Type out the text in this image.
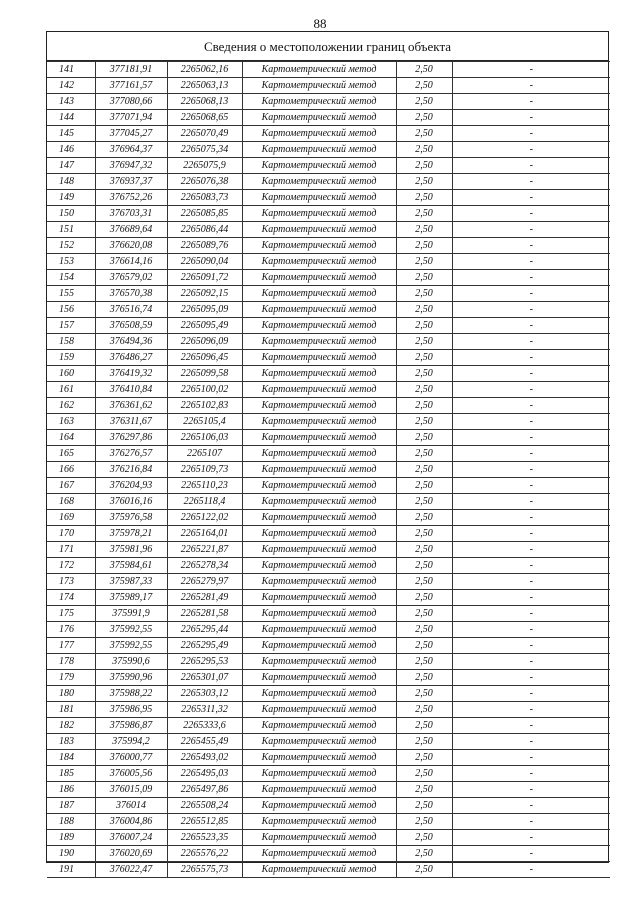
88
Сведения о местоположении границ объекта
141	377181,91	2265062,16	Картометрический метод	2,50	-
142	377161,57	2265063,13	Картометрический метод	2,50	-
143	377080,66	2265068,13	Картометрический метод	2,50	-
144	377071,94	2265068,65	Картометрический метод	2,50	-
145	377045,27	2265070,49	Картометрический метод	2,50	-
146	376964,37	2265075,34	Картометрический метод	2,50	-
147	376947,32	2265075,9	Картометрический метод	2,50	-
148	376937,37	2265076,38	Картометрический метод	2,50	-
149	376752,26	2265083,73	Картометрический метод	2,50	-
150	376703,31	2265085,85	Картометрический метод	2,50	-
151	376689,64	2265086,44	Картометрический метод	2,50	-
152	376620,08	2265089,76	Картометрический метод	2,50	-
153	376614,16	2265090,04	Картометрический метод	2,50	-
154	376579,02	2265091,72	Картометрический метод	2,50	-
155	376570,38	2265092,15	Картометрический метод	2,50	-
156	376516,74	2265095,09	Картометрический метод	2,50	-
157	376508,59	2265095,49	Картометрический метод	2,50	-
158	376494,36	2265096,09	Картометрический метод	2,50	-
159	376486,27	2265096,45	Картометрический метод	2,50	-
160	376419,32	2265099,58	Картометрический метод	2,50	-
161	376410,84	2265100,02	Картометрический метод	2,50	-
162	376361,62	2265102,83	Картометрический метод	2,50	-
163	376311,67	2265105,4	Картометрический метод	2,50	-
164	376297,86	2265106,03	Картометрический метод	2,50	-
165	376276,57	2265107	Картометрический метод	2,50	-
166	376216,84	2265109,73	Картометрический метод	2,50	-
167	376204,93	2265110,23	Картометрический метод	2,50	-
168	376016,16	2265118,4	Картометрический метод	2,50	-
169	375976,58	2265122,02	Картометрический метод	2,50	-
170	375978,21	2265164,01	Картометрический метод	2,50	-
171	375981,96	2265221,87	Картометрический метод	2,50	-
172	375984,61	2265278,34	Картометрический метод	2,50	-
173	375987,33	2265279,97	Картометрический метод	2,50	-
174	375989,17	2265281,49	Картометрический метод	2,50	-
175	375991,9	2265281,58	Картометрический метод	2,50	-
176	375992,55	2265295,44	Картометрический метод	2,50	-
177	375992,55	2265295,49	Картометрический метод	2,50	-
178	375990,6	2265295,53	Картометрический метод	2,50	-
179	375990,96	2265301,07	Картометрический метод	2,50	-
180	375988,22	2265303,12	Картометрический метод	2,50	-
181	375986,95	2265311,32	Картометрический метод	2,50	-
182	375986,87	2265333,6	Картометрический метод	2,50	-
183	375994,2	2265455,49	Картометрический метод	2,50	-
184	376000,77	2265493,02	Картометрический метод	2,50	-
185	376005,56	2265495,03	Картометрический метод	2,50	-
186	376015,09	2265497,86	Картометрический метод	2,50	-
187	376014	2265508,24	Картометрический метод	2,50	-
188	376004,86	2265512,85	Картометрический метод	2,50	-
189	376007,24	2265523,35	Картометрический метод	2,50	-
190	376020,69	2265576,22	Картометрический метод	2,50	-
191	376022,47	2265575,73	Картометрический метод	2,50	-
